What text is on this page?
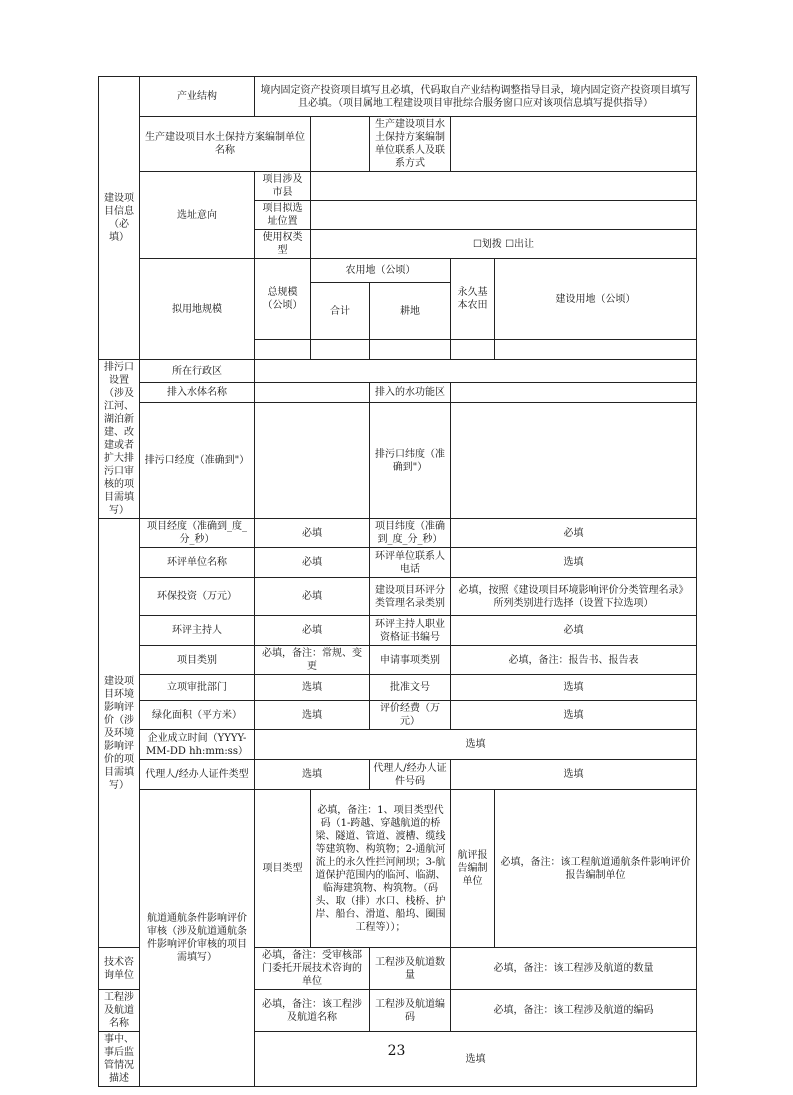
建设项目信息（必填）	产业结构	境内固定资产投资项目填写且必填，代码取自产业结构调整指导目录，境内固定资产投资项目填写且必填。（项目属地工程建设项目审批综合服务窗口应对该项信息填写提供指导）					
	生产建设项目水土保持方案编制单位名称			生产建设项目水土保持方案编制单位联系人及联系方式			
	选址意向	项目涉及市县					
		项目拟选址位置					
		使用权类型	☐划拨 ☐出让				
	拟用地规模	总规模（公顷）	农用地（公顷）		永久基本农田	建设用地（公顷）	
			合计	耕地			

排污口设置（涉及江河、湖泊新建、改建或者扩大排污口审核的项目需填写）	所在行政区						
	排入水体名称			排入的水功能区			
	排污口经度（准确到"）			排污口纬度（准确到"）			
建设项目环境影响评价（涉及环境影响评价的项目需填写）	项目经度（准确到_度_分_秒）	必填		项目纬度（准确到_度_分_秒）	必填		
	环评单位名称	必填		环评单位联系人电话	选填		
	环保投资（万元）	必填		建设项目环评分类管理名录类别	必填，按照《建设项目环境影响评价分类管理名录》所列类别进行选择（设置下拉选项）		
	环评主持人	必填		环评主持人职业资格证书编号	必填		
	项目类别	必填，备注：常规、变更		申请事项类别	必填，备注：报告书、报告表		
	立项审批部门	选填		批准文号	选填		
	绿化面积（平方米）	选填		评价经费（万元）	选填		
	企业成立时间（YYYY-MM-DD hh:mm:ss）	选填					
	代理人/经办人证件类型	选填		代理人/经办人证件号码	选填		
	航道通航条件影响评价审核（涉及航道通航条件影响评价审核的项目需填写）	项目类型	必填，备注：1、项目类型代码（1-跨越、穿越航道的桥梁、隧道、管道、渡槽、缆线等建筑物、构筑物；2-通航河流上的永久性拦河闸坝；3-航道保护范围内的临河、临湖、临海建筑物、构筑物。（码头、取（排）水口、栈桥、护岸、船台、滑道、船坞、圈围工程等））；		航评报告编制单位	必填，备注：该工程航道通航条件影响评价报告编制单位	
技术咨询单位		必填，备注：受审核部门委托开展技术咨询的单位		工程涉及航道数量	必填，备注：该工程涉及航道的数量		
工程涉及航道名称		必填，备注：该工程涉及航道名称		工程涉及航道编码	必填，备注：该工程涉及航道的编码		
事中、事后监管情况描述		选填					
23
